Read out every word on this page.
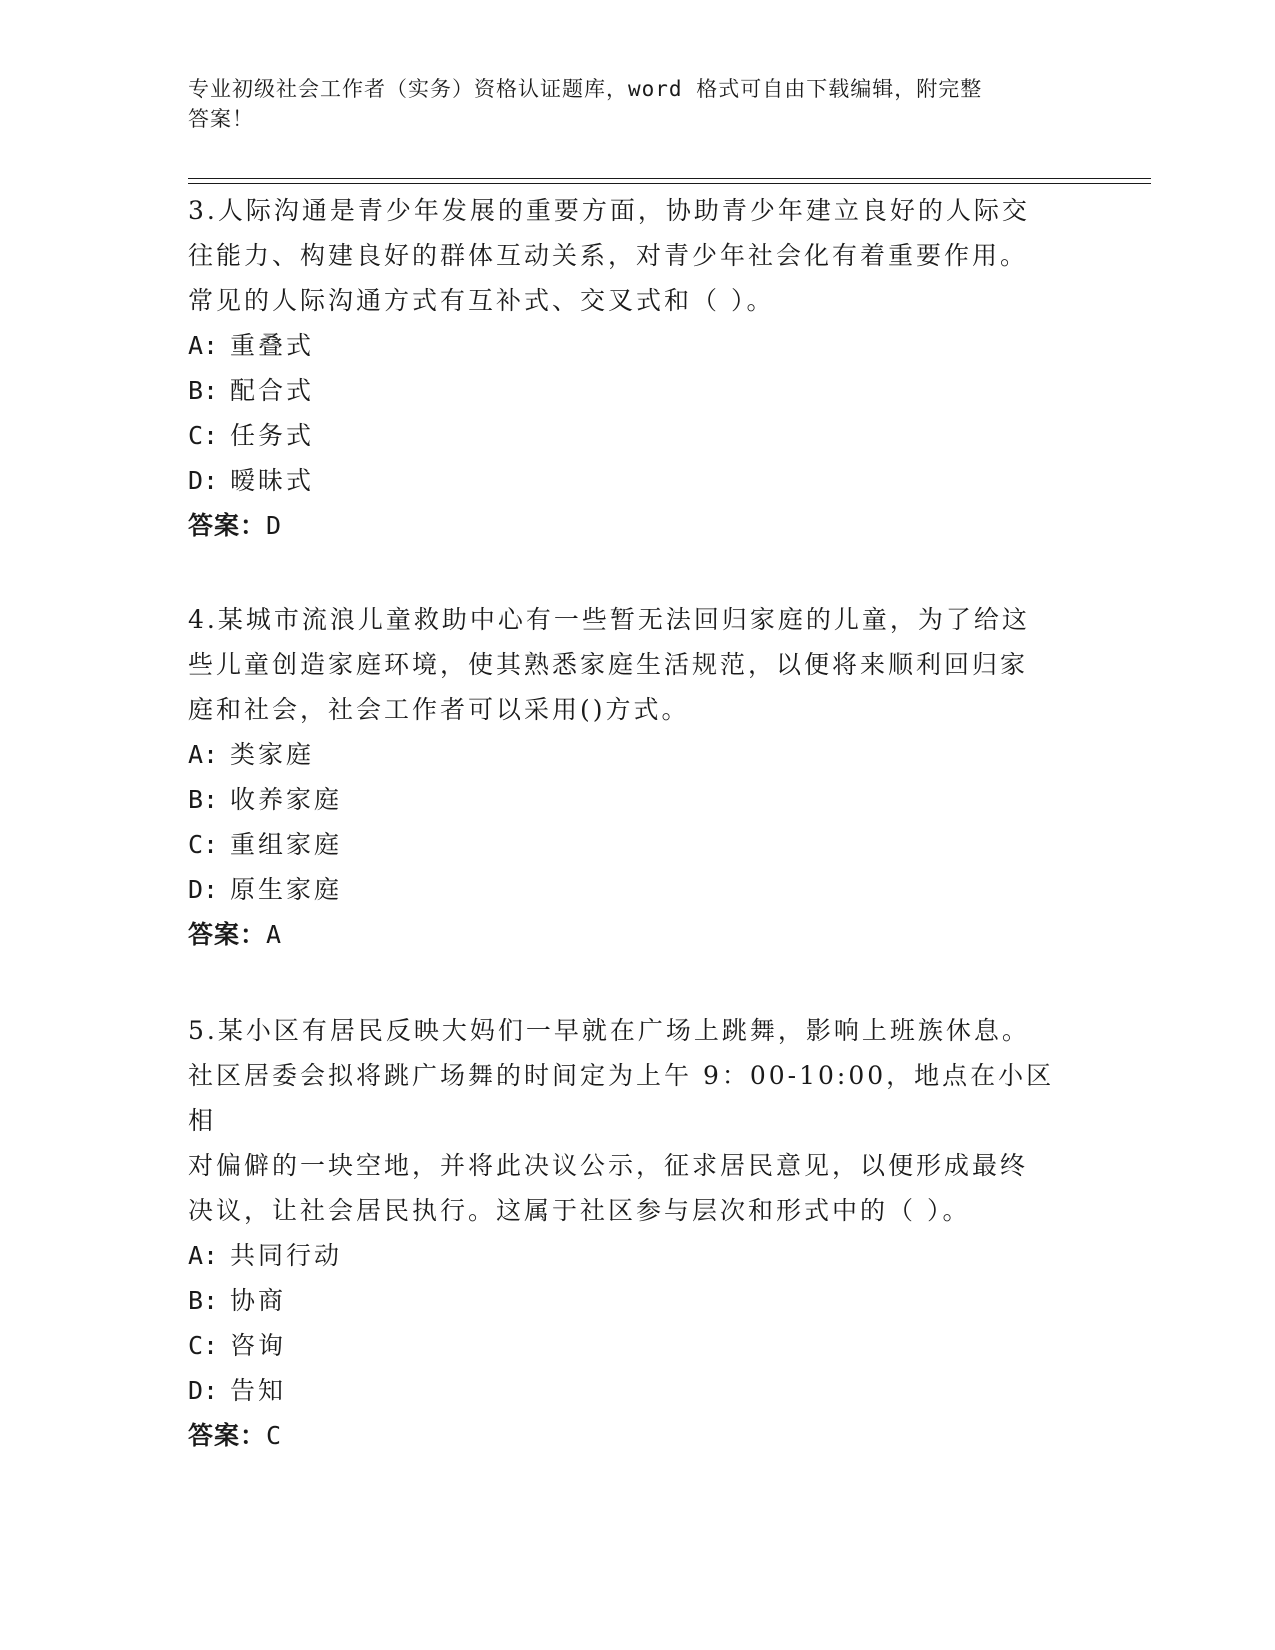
专业初级社会工作者（实务）资格认证题库，word 格式可自由下载编辑，附完整
答案！
3.人际沟通是青少年发展的重要方面，协助青少年建立良好的人际交
往能力、构建良好的群体互动关系，对青少年社会化有着重要作用。
常见的人际沟通方式有互补式、交叉式和（ ）。
A: 重叠式
B: 配合式
C: 任务式
D: 暧昧式
答案：D
4.某城市流浪儿童救助中心有一些暂无法回归家庭的儿童，为了给这
些儿童创造家庭环境，使其熟悉家庭生活规范，以便将来顺利回归家
庭和社会，社会工作者可以采用()方式。
A: 类家庭
B: 收养家庭
C: 重组家庭
D: 原生家庭
答案：A
5.某小区有居民反映大妈们一早就在广场上跳舞，影响上班族休息。
社区居委会拟将跳广场舞的时间定为上午 9：00-10:00，地点在小区相
对偏僻的一块空地，并将此决议公示，征求居民意见，以便形成最终
决议，让社会居民执行。这属于社区参与层次和形式中的（ ）。
A: 共同行动
B: 协商
C: 咨询
D: 告知
答案：C
